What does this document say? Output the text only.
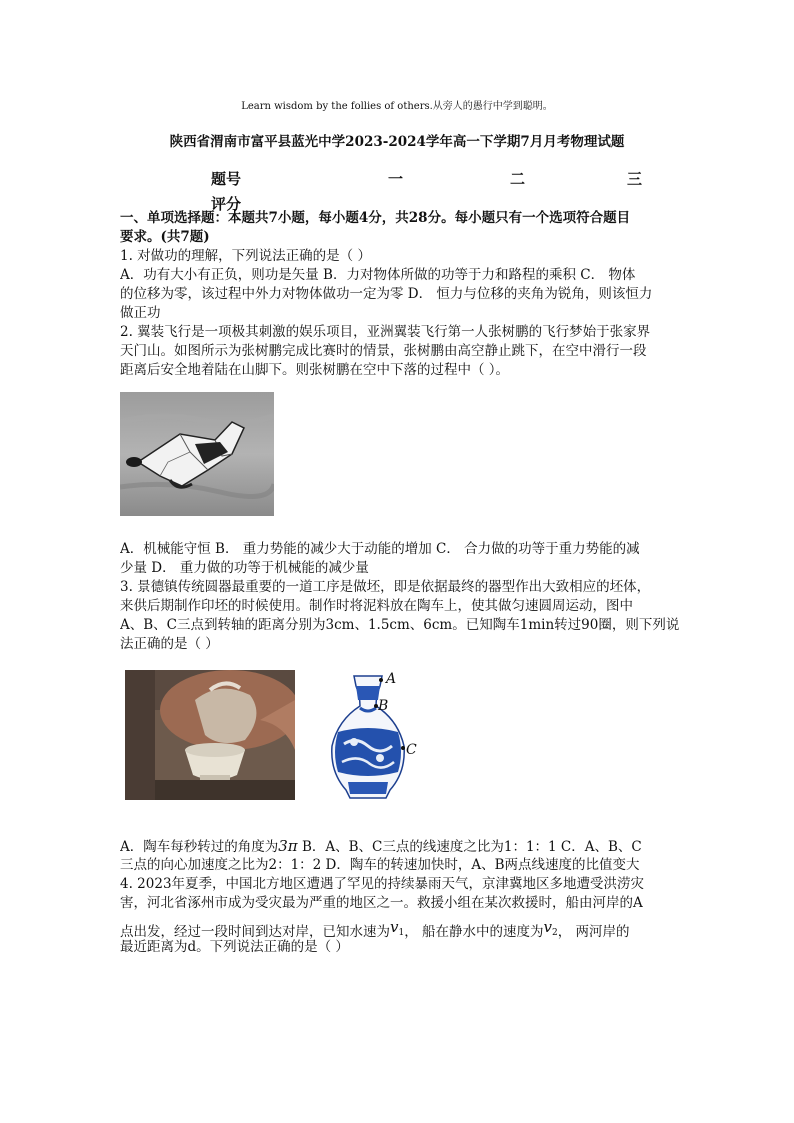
Learn wisdom by the follies of others.从旁人的愚行中学到聪明。
陕西省渭南市富平县蓝光中学2023-2024学年高一下学期7月月考物理试题
题号	一	二	三
评分			
一、单项选择题：本题共7小题，每小题4分，共28分。每小题只有一个选项符合题目
要求。(共7题)
1. 对做功的理解，下列说法正确的是（ ）
A．功有大小有正负，则功是矢量 B．力对物体所做的功等于力和路程的乘积 C． 物体
的位移为零，该过程中外力对物体做功一定为零 D． 恒力与位移的夹角为锐角，则该恒力
做正功
2. 翼装飞行是一项极其刺激的娱乐项目，亚洲翼装飞行第一人张树鹏的飞行梦始于张家界
天门山。如图所示为张树鹏完成比赛时的情景，张树鹏由高空静止跳下，在空中滑行一段
距离后安全地着陆在山脚下。则张树鹏在空中下落的过程中（ ）。
A．机械能守恒 B． 重力势能的减少大于动能的增加 C． 合力做的功等于重力势能的减
少量 D． 重力做的功等于机械能的减少量
3. 景德镇传统圆器最重要的一道工序是做坯，即是依据最终的器型作出大致相应的坯体，
来供后期制作印坯的时候使用。制作时将泥料放在陶车上，使其做匀速圆周运动，图中
A、B、C三点到转轴的距离分别为3cm、1.5cm、6cm。已知陶车1min转过90圈，则下列说
法正确的是（ ）
A
B
C
A．陶车每秒转过的角度为3π B．A、B、C三点的线速度之比为1：1：1 C．A、B、C
三点的向心加速度之比为2：1：2 D．陶车的转速加快时，A、B两点线速度的比值变大
4. 2023年夏季，中国北方地区遭遇了罕见的持续暴雨天气，京津冀地区多地遭受洪涝灾
害，河北省涿州市成为受灾最为严重的地区之一。救援小组在某次救援时，船由河岸的A
点出发，经过一段时间到达对岸，已知水速为$v_1$， 船在静水中的速度为$v_2$， 两河岸的
最近距离为d。下列说法正确的是（ ）
